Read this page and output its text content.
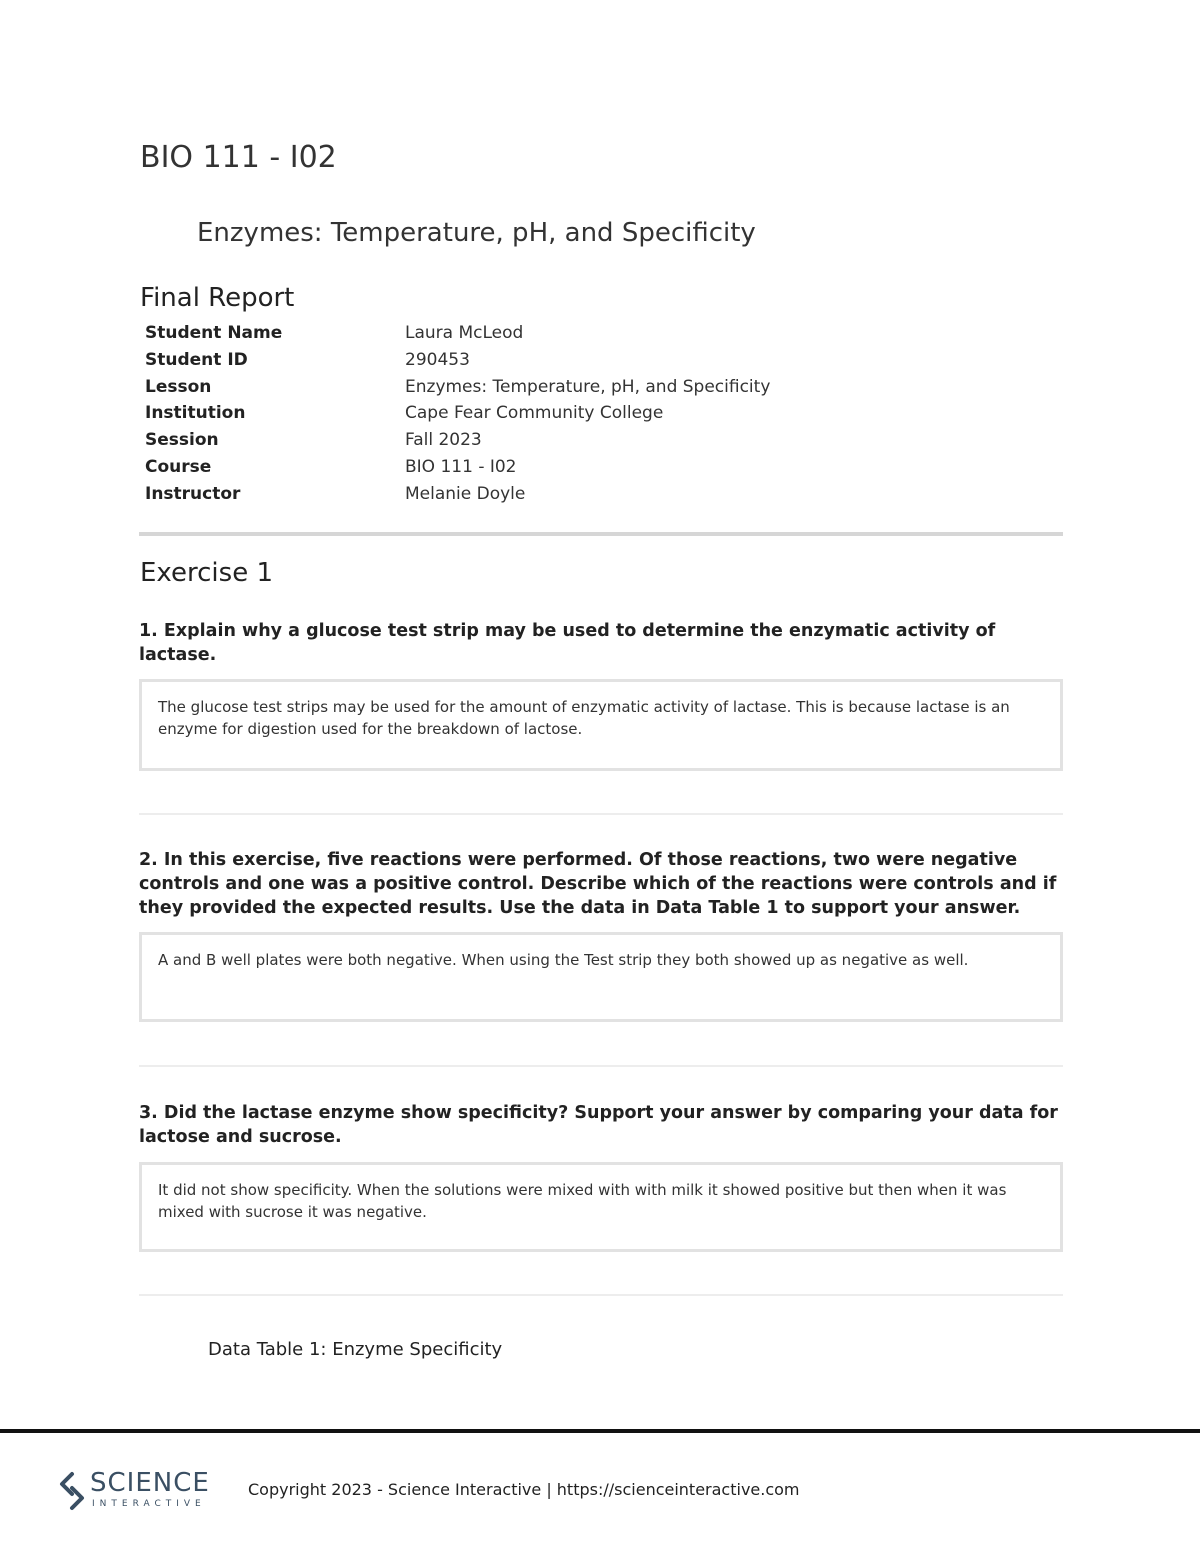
BIO 111 - I02
Enzymes: Temperature, pH, and Specificity
Final Report
Student Name	Laura McLeod
Student ID	290453
Lesson	Enzymes: Temperature, pH, and Specificity
Institution	Cape Fear Community College
Session	Fall 2023
Course	BIO 111 - I02
Instructor	Melanie Doyle
Exercise 1
1. Explain why a glucose test strip may be used to determine the enzymatic activity of lactase.
The glucose test strips may be used for the amount of enzymatic activity of lactase. This is because lactase is an enzyme for digestion used for the breakdown of lactose.
2. In this exercise, five reactions were performed. Of those reactions, two were negative controls and one was a positive control. Describe which of the reactions were controls and if they provided the expected results. Use the data in Data Table 1 to support your answer.
A and B well plates were both negative. When using the Test strip they both showed up as negative as well.
3. Did the lactase enzyme show specificity? Support your answer by comparing your data for lactose and sucrose.
It did not show specificity. When the solutions were mixed with with milk it showed positive but then when it was mixed with sucrose it was negative.
Data Table 1: Enzyme Specificity
SCIENCE
INTERACTIVE
Copyright 2023 - Science Interactive | https://scienceinteractive.com
